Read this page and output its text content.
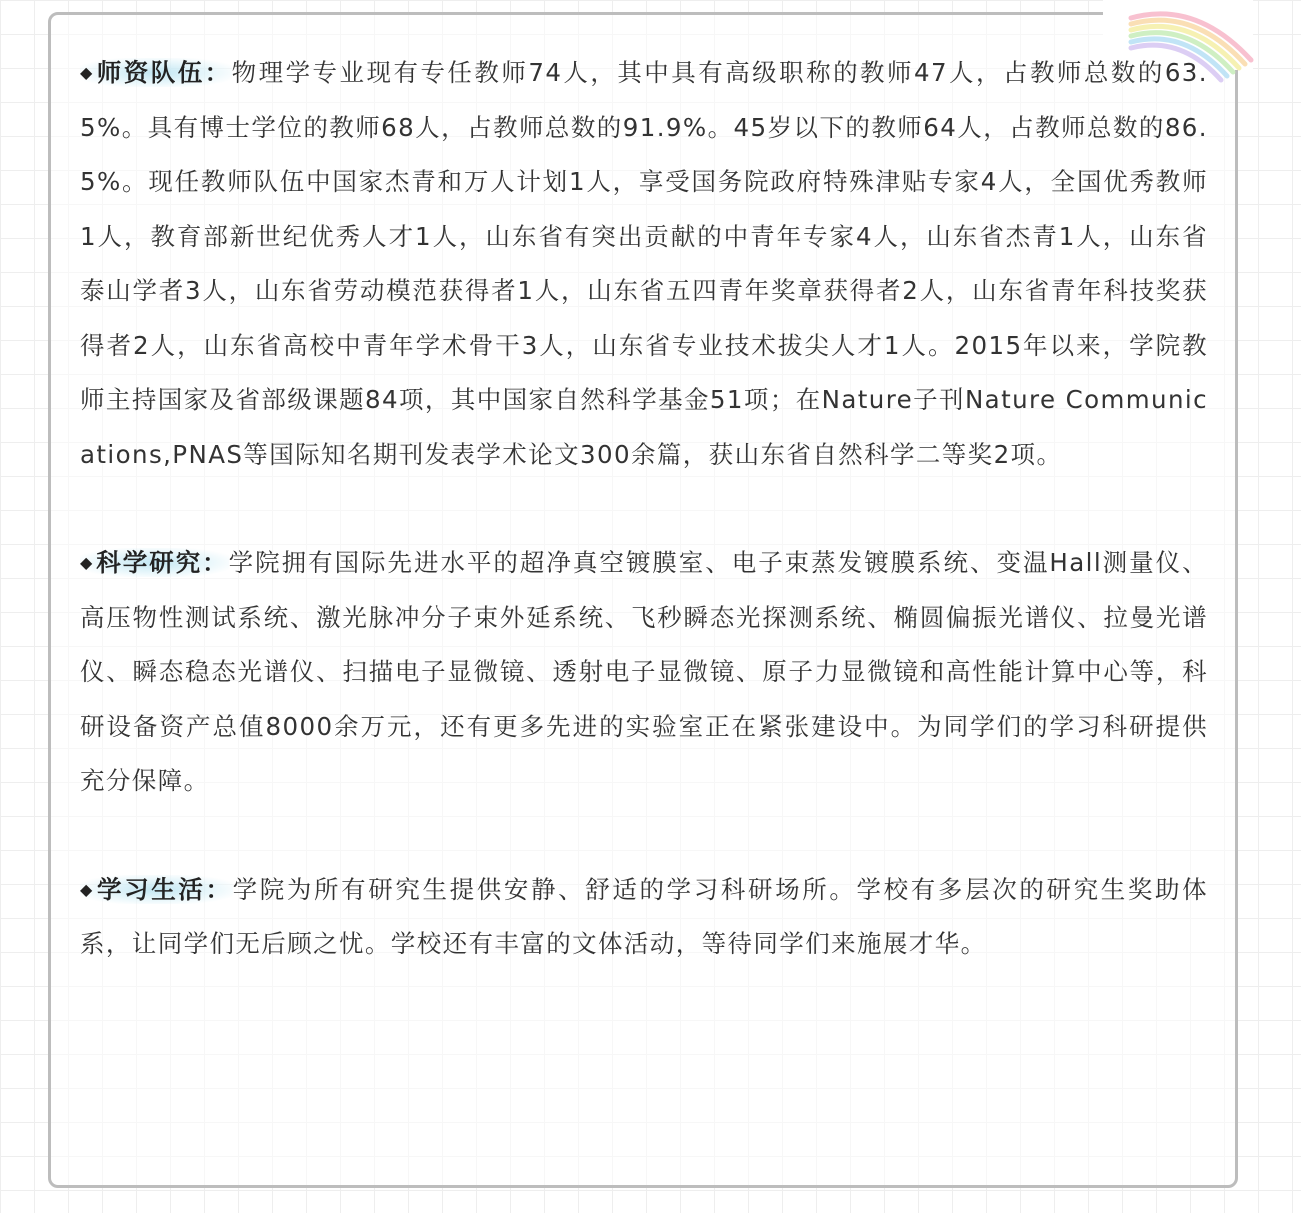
◆师资队伍：物理学专业现有专任教师74人，其中具有高级职称的教师47人，占教师总数的63.5%。具有博士学位的教师68人，占教师总数的91.9%。45岁以下的教师64人，占教师总数的86.5%。现任教师队伍中国家杰青和万人计划1人，享受国务院政府特殊津贴专家4人，全国优秀教师1人，教育部新世纪优秀人才1人，山东省有突出贡献的中青年专家4人，山东省杰青1人，山东省泰山学者3人，山东省劳动模范获得者1人，山东省五四青年奖章获得者2人，山东省青年科技奖获得者2人，山东省高校中青年学术骨干3人，山东省专业技术拔尖人才1人。2015年以来，学院教师主持国家及省部级课题84项，其中国家自然科学基金51项；在Nature子刊Nature Communications,PNAS等国际知名期刊发表学术论文300余篇，获山东省自然科学二等奖2项。

◆科学研究：学院拥有国际先进水平的超净真空镀膜室、电子束蒸发镀膜系统、变温Hall测量仪、高压物性测试系统、激光脉冲分子束外延系统、飞秒瞬态光探测系统、椭圆偏振光谱仪、拉曼光谱仪、瞬态稳态光谱仪、扫描电子显微镜、透射电子显微镜、原子力显微镜和高性能计算中心等，科研设备资产总值8000余万元，还有更多先进的实验室正在紧张建设中。为同学们的学习科研提供充分保障。

◆学习生活：学院为所有研究生提供安静、舒适的学习科研场所。学校有多层次的研究生奖助体系，让同学们无后顾之忧。学校还有丰富的文体活动，等待同学们来施展才华。
